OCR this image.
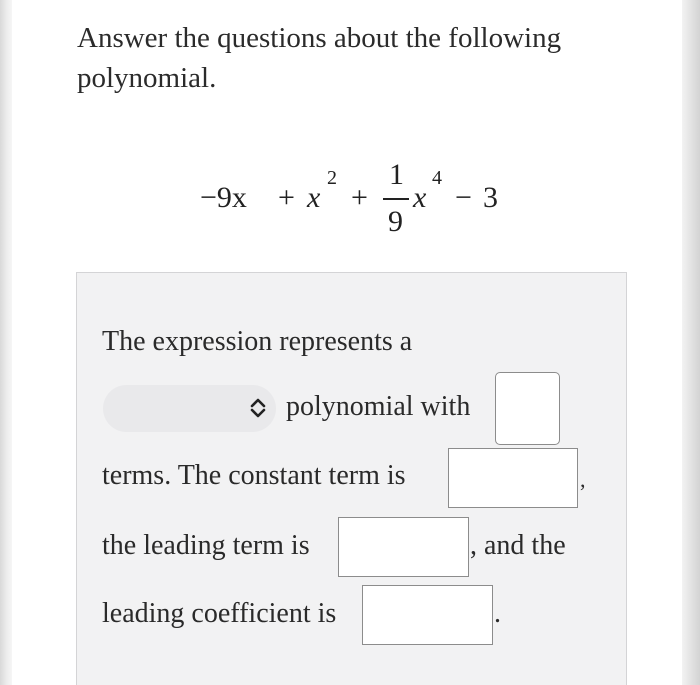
Answer the questions about the following polynomial.
−9x + x
2
+
1
9
x
4
− 3
The expression represents a
polynomial with
terms. The constant term is	,
the leading term is	, and the
leading coefficient is	.
